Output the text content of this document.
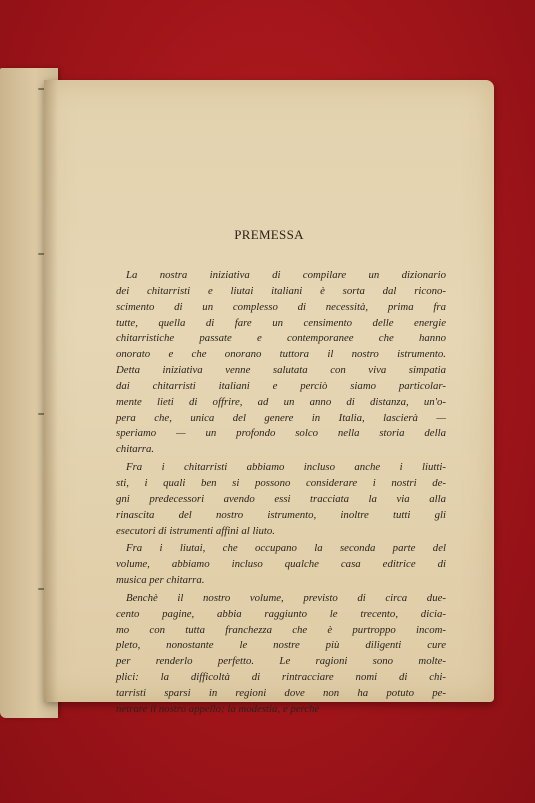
PREMESSA
La nostra iniziativa di compilare un dizionario
dei chitarristi e liutai italiani è sorta dal ricono-
scimento di un complesso di necessità, prima fra
tutte, quella di fare un censimento delle energie
chitarristiche passate e contemporanee che hanno
onorato e che onorano tuttora il nostro istrumento.
Detta iniziativa venne salutata con viva simpatia
dai chitarristi italiani e perciò siamo particolar-
mente lieti di offrire, ad un anno di distanza, un'o-
pera che, unica del genere in Italia, lascierà —
speriamo — un profondo solco nella storia della
chitarra.
Fra i chitarristi abbiamo incluso anche i liutti-
sti, i quali ben si possono considerare i nostri de-
gni predecessori avendo essi tracciata la via alla
rinascita del nostro istrumento, inoltre tutti gli
esecutori di istrumenti affini al liuto.
Fra i liutai, che occupano la seconda parte del
volume, abbiamo incluso qualche casa editrice di
musica per chitarra.
Benchè il nostro volume, previsto di circa due-
cento pagine, abbia raggiunto le trecento, dicia-
mo con tutta franchezza che è purtroppo incom-
pleto, nonostante le nostre più diligenti cure
per renderlo perfetto. Le ragioni sono molte-
plici: la difficoltà di rintracciare nomi di chi-
tarristi sparsi in regioni dove non ha potuto pe-
netrare il nostro appello; la modestia, e perchè
